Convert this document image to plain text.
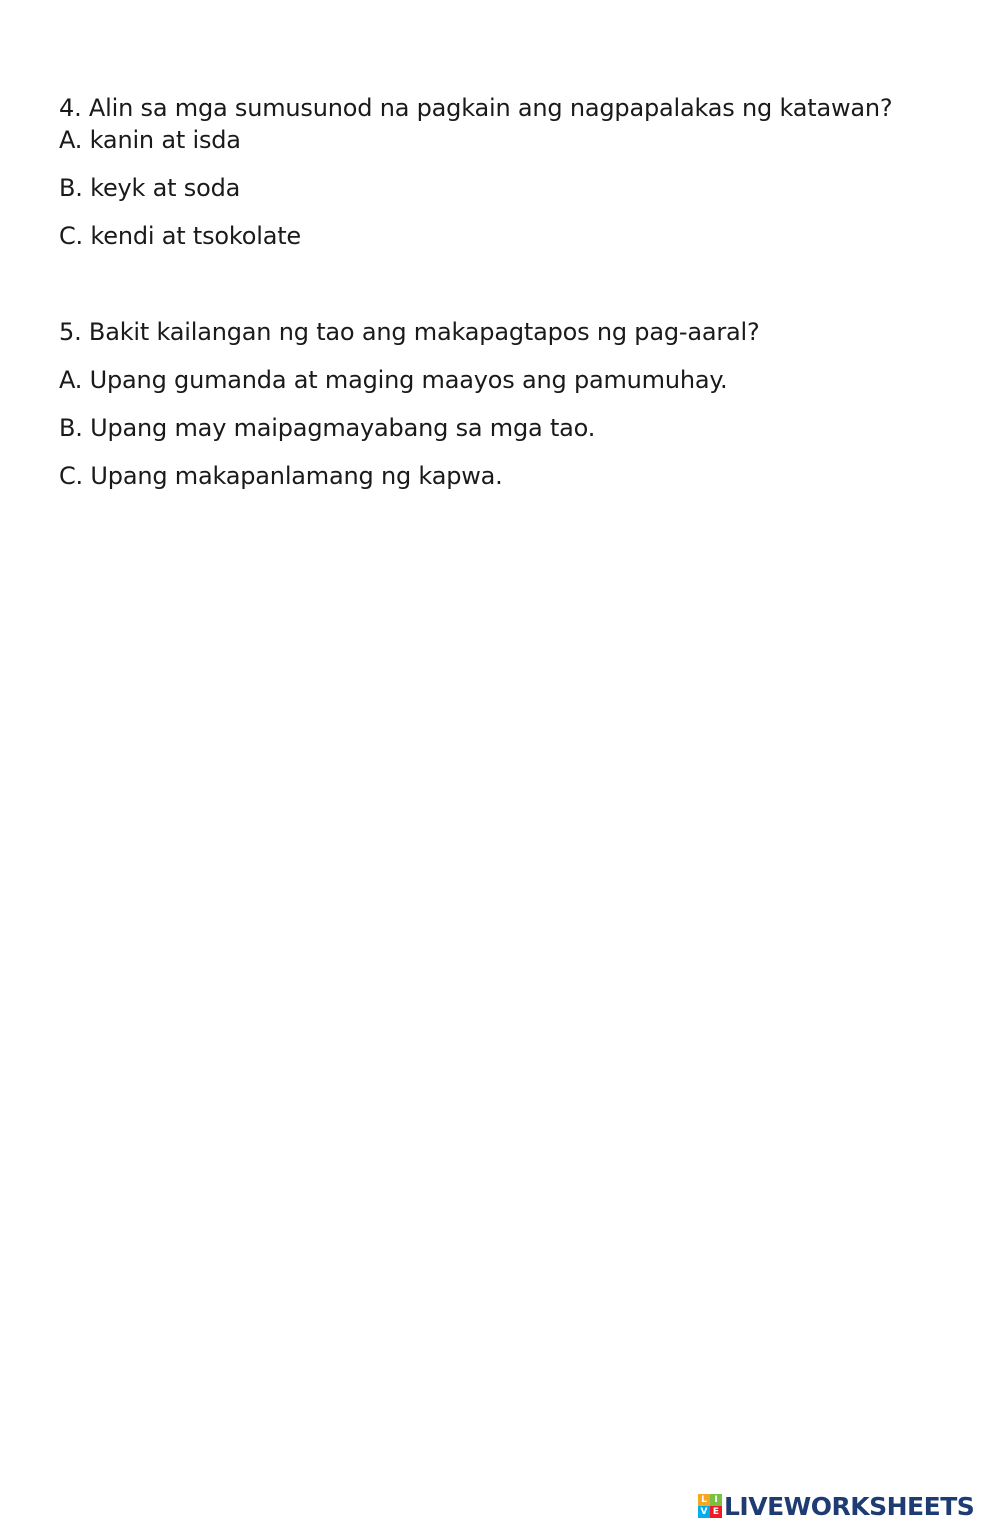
4. Alin sa mga sumusunod na pagkain ang nagpapalakas ng katawan?

A. kanin at isda

B. keyk at soda

C. kendi at tsokolate

5. Bakit kailangan ng tao ang makapagtapos ng pag-aaral?

A. Upang gumanda at maging maayos ang pamumuhay.

B. Upang may maipagmayabang sa mga tao.

C. Upang makapanlamang ng kapwa.

L I
V E LIVEWORKSHEETS
